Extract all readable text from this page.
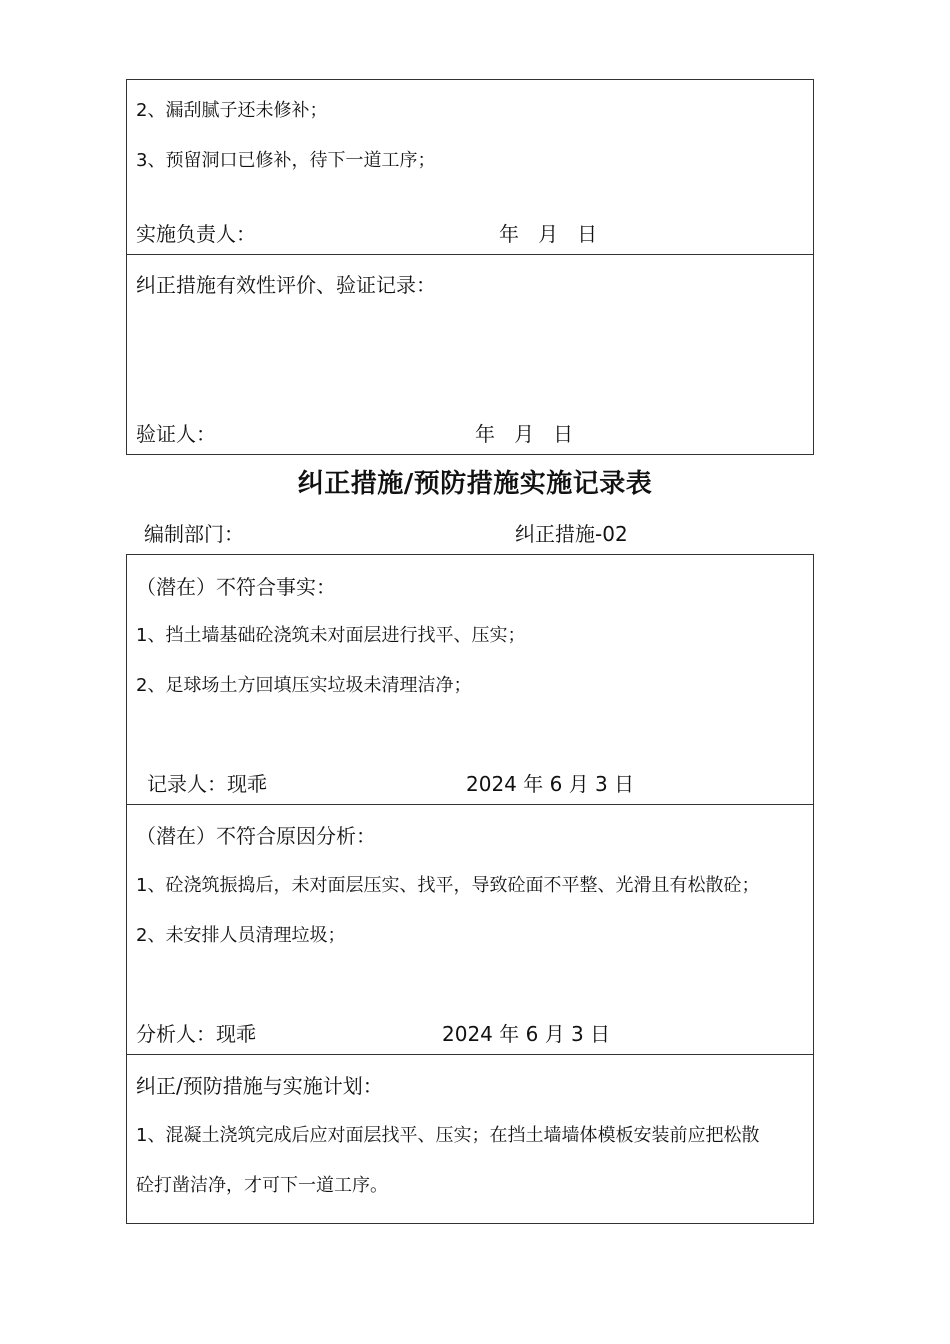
2、漏刮腻子还未修补；
3、预留洞口已修补，待下一道工序；
实施负责人：	年   月   日
纠正措施有效性评价、验证记录：
验证人：	年   月   日
纠正措施/预防措施实施记录表
编制部门：	纠正措施-02
（潜在）不符合事实：
1、挡土墙基础砼浇筑未对面层进行找平、压实；
2、足球场土方回填压实垃圾未清理洁净；
记录人：现乖	2024 年 6 月 3 日
（潜在）不符合原因分析：
1、砼浇筑振捣后，未对面层压实、找平，导致砼面不平整、光滑且有松散砼；
2、未安排人员清理垃圾；
分析人：现乖	2024 年 6 月 3 日
纠正/预防措施与实施计划：
1、混凝土浇筑完成后应对面层找平、压实；在挡土墙墙体模板安装前应把松散
砼打凿洁净，才可下一道工序。
